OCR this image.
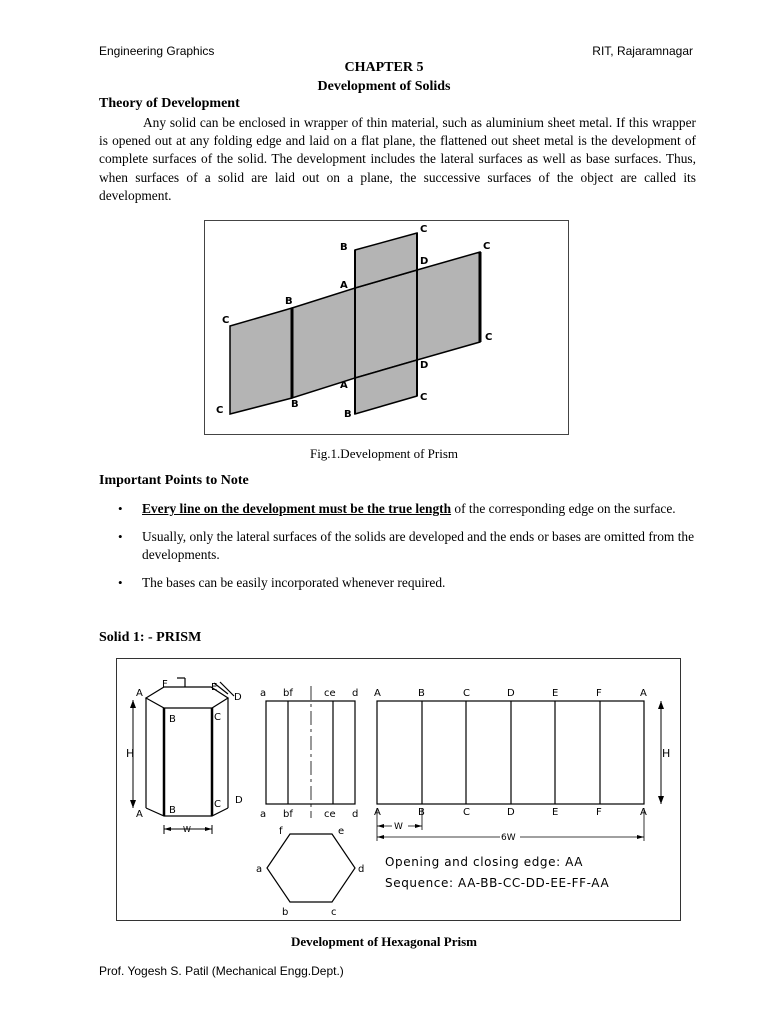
Engineering Graphics	RIT, Rajaramnagar
CHAPTER 5
Development of Solids
Theory of Development
Any solid can be enclosed in wrapper of thin material, such as aluminium sheet metal. If this wrapper is opened out at any folding edge and laid on a flat plane, the flattened out sheet metal is the development of complete surfaces of the solid. The development includes the lateral surfaces as well as base surfaces. Thus, when surfaces of a solid are laid out on a plane, the successive surfaces of the object are called its development.
B
C
C
D
A
B
C
C
D
A
B
C
C
B
Fig.1.Development of Prism
Important Points to Note
• Every line on the development must be the true length of the corresponding edge on the surface.
• Usually, only the lateral surfaces of the solids are developed and the ends or bases are omitted from the developments.
• The bases can be easily incorporated whenever required.
Solid 1: - PRISM
H
W
A
F	E
D
B	C
A	B
C D
a bf	ce d
a bf	ce d
a
f	e
d
b	c
A	B	C	D	E	F	A
A	B	C	D	E	F	A
H
W
6W
Opening and closing edge: AA
Sequence: AA-BB-CC-DD-EE-FF-AA
Development of Hexagonal Prism
Prof. Yogesh S. Patil (Mechanical Engg.Dept.)
